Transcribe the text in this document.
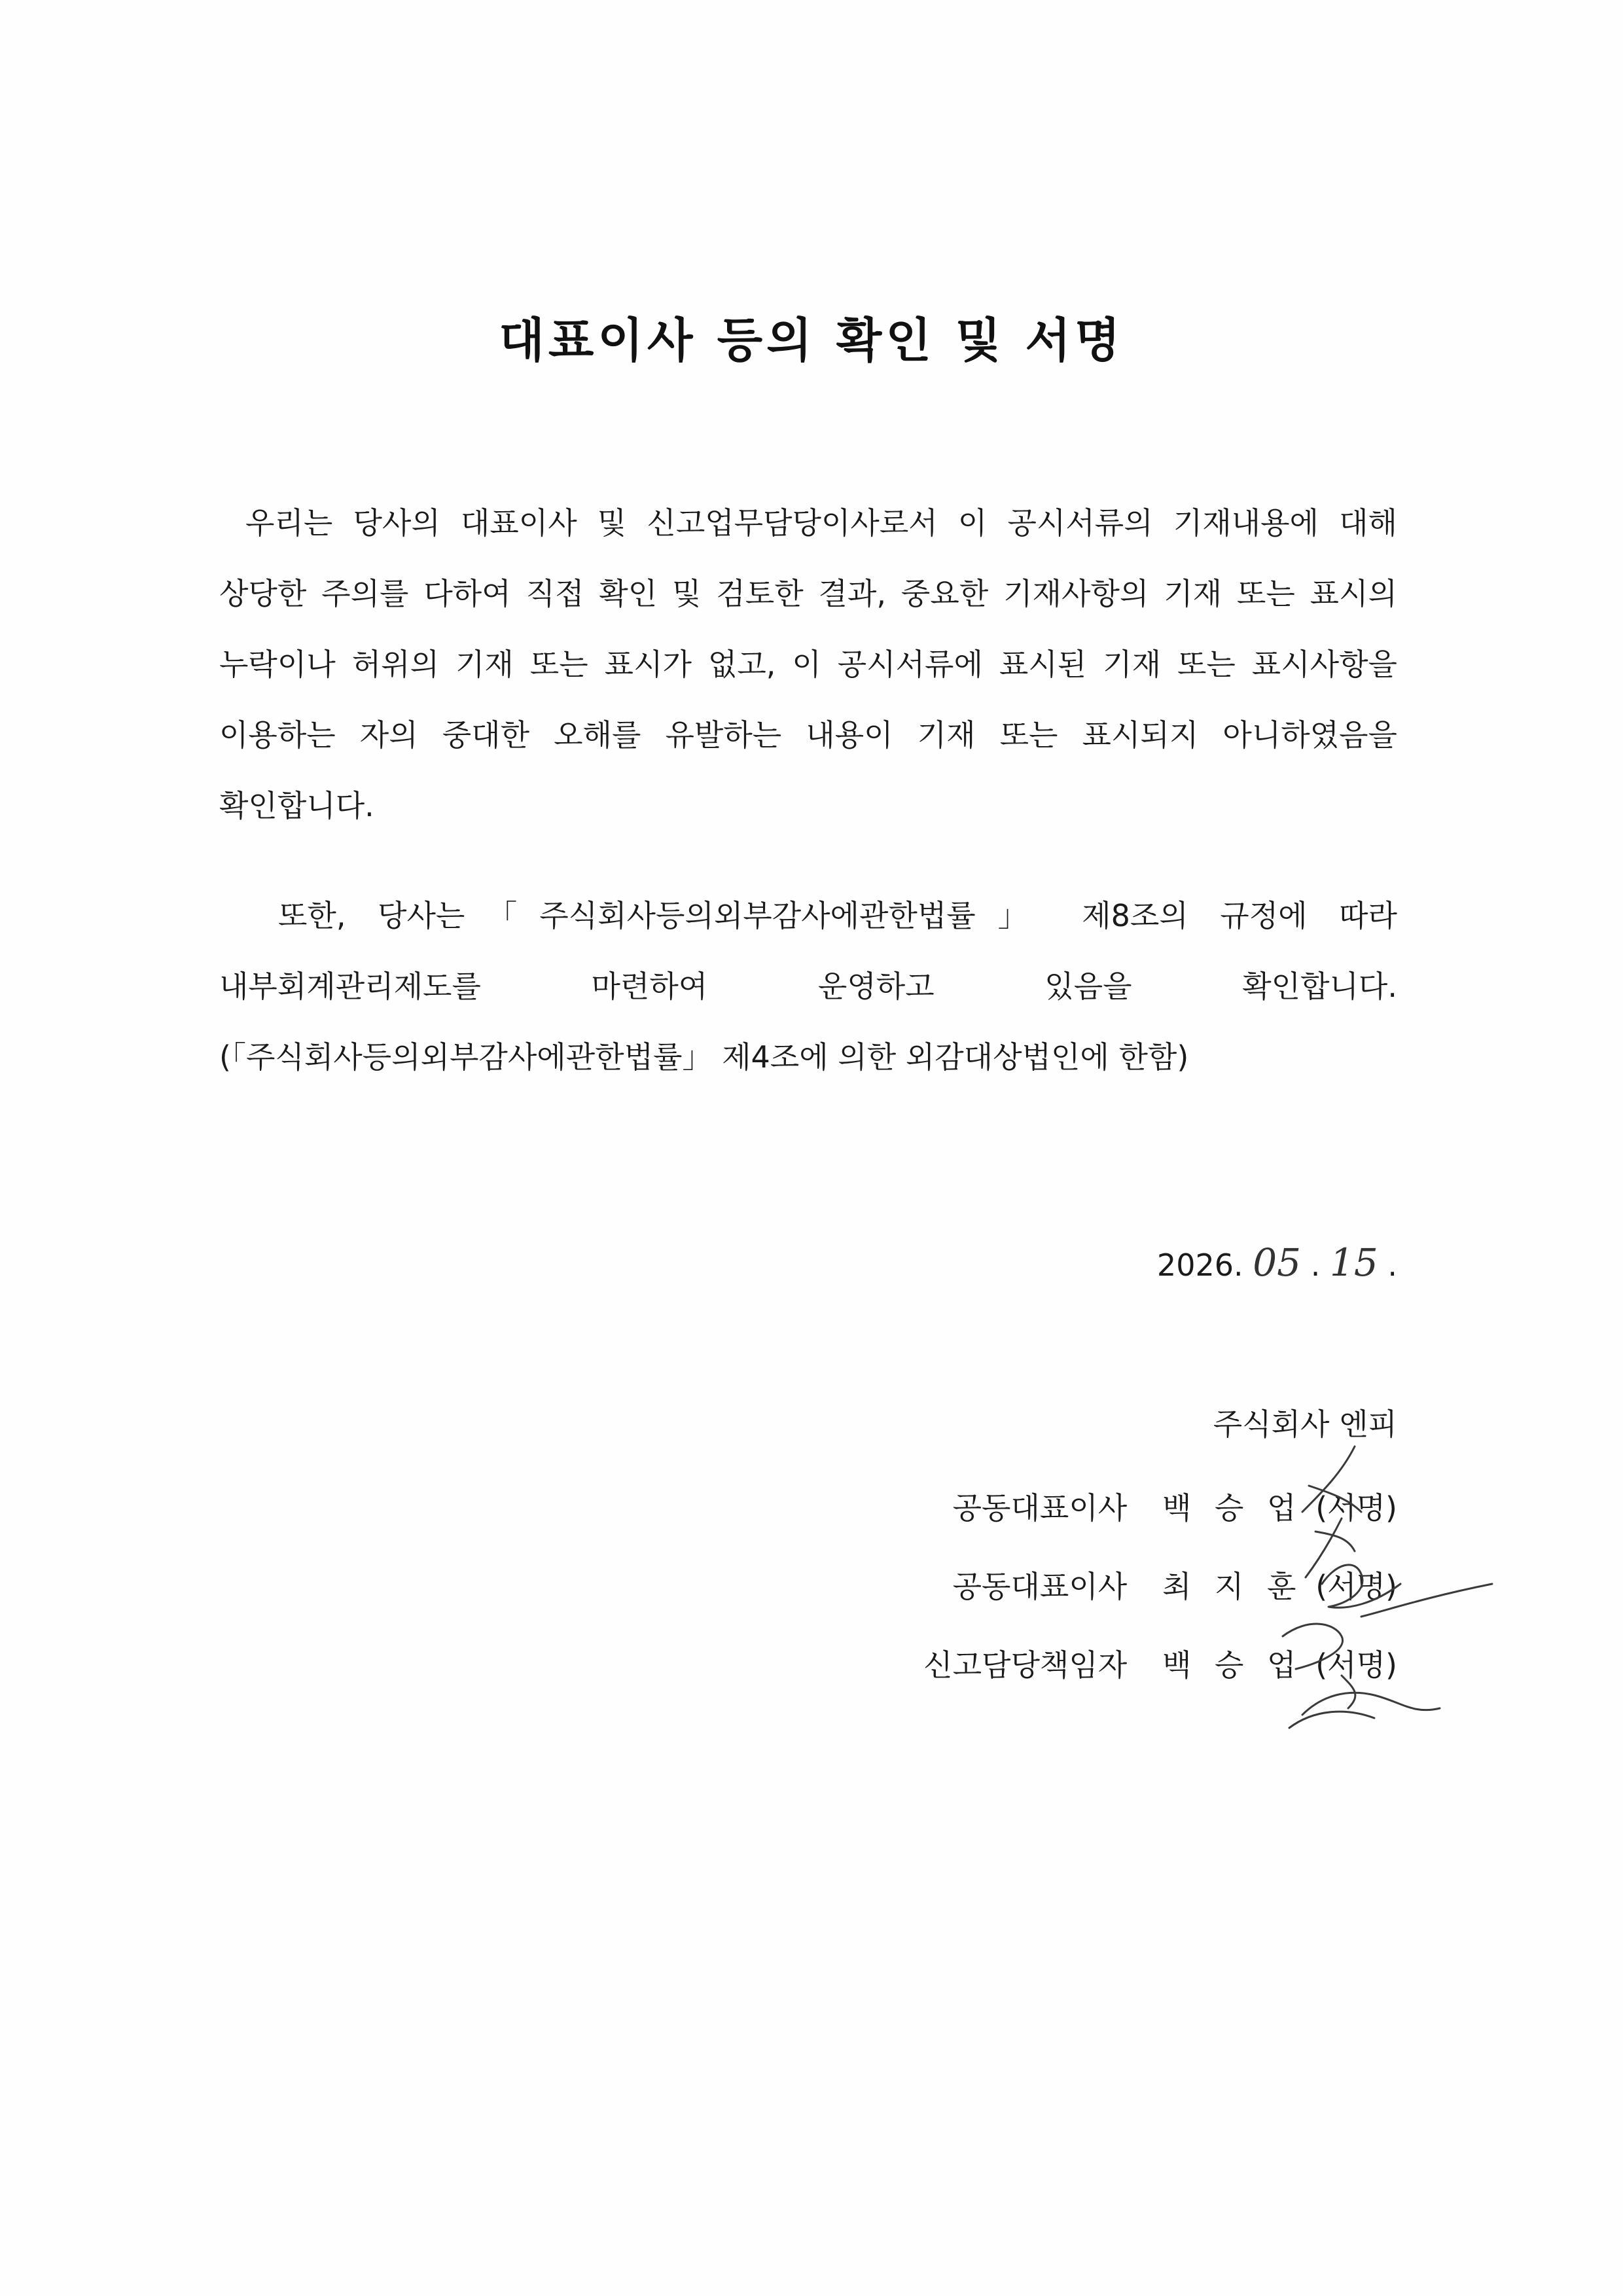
대표이사 등의 확인 및 서명
우리는 당사의 대표이사 및 신고업무담당이사로서 이 공시서류의 기재내용에 대해 상당한 주의를 다하여 직접 확인 및 검토한 결과, 중요한 기재사항의 기재 또는 표시의 누락이나 허위의 기재 또는 표시가 없고, 이 공시서류에 표시된 기재 또는 표시사항을 이용하는 자의 중대한 오해를 유발하는 내용이 기재 또는 표시되지 아니하였음을 확인합니다.
또한, 당사는「주식회사등의외부감사에관한법률」 제8조의 규정에 따라 내부회계관리제도를 마련하여 운영하고 있음을 확인합니다. (「주식회사등의외부감사에관한법률」 제4조에 의한 외감대상법인에 한함)
2026. 05 . 15 .
주식회사 엔피
공동대표이사 백 승 업 (서명)
공동대표이사 최 지 훈 (서명)
신고담당책임자 백 승 업 (서명)
